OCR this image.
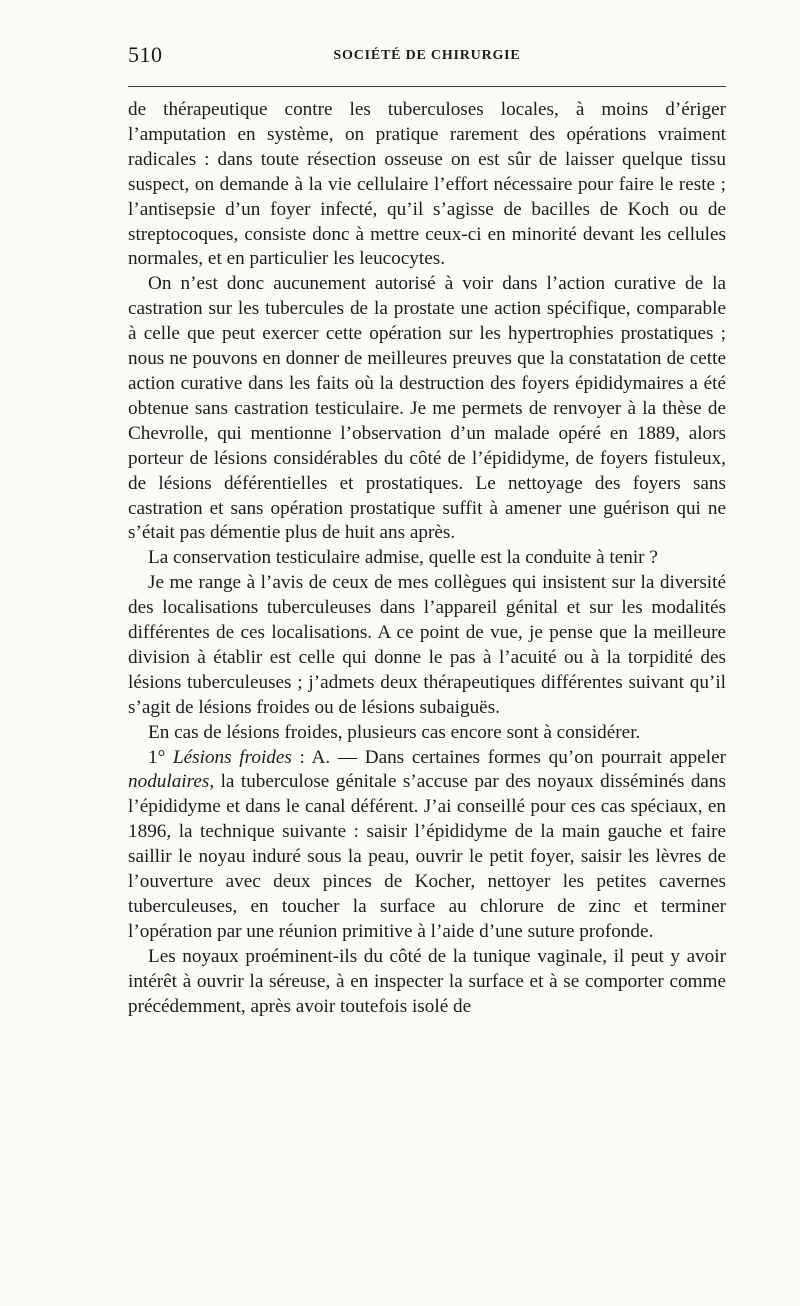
510	SOCIÉTÉ DE CHIRURGIE

de thérapeutique contre les tuberculoses locales, à moins d’ériger l’amputation en système, on pratique rarement des opérations vraiment radicales : dans toute résection osseuse on est sûr de laisser quelque tissu suspect, on demande à la vie cellulaire l’effort nécessaire pour faire le reste ; l’antisepsie d’un foyer infecté, qu’il s’agisse de bacilles de Koch ou de streptocoques, consiste donc à mettre ceux-ci en minorité devant les cellules normales, et en particulier les leucocytes.

On n’est donc aucunement autorisé à voir dans l’action curative de la castration sur les tubercules de la prostate une action spécifique, comparable à celle que peut exercer cette opération sur les hypertrophies prostatiques ; nous ne pouvons en donner de meilleures preuves que la constatation de cette action curative dans les faits où la destruction des foyers épididymaires a été obtenue sans castration testiculaire. Je me permets de renvoyer à la thèse de Chevrolle, qui mentionne l’observation d’un malade opéré en 1889, alors porteur de lésions considérables du côté de l’épididyme, de foyers fistuleux, de lésions déférentielles et prostatiques. Le nettoyage des foyers sans castration et sans opération prostatique suffit à amener une guérison qui ne s’était pas démentie plus de huit ans après.

La conservation testiculaire admise, quelle est la conduite à tenir ?

Je me range à l’avis de ceux de mes collègues qui insistent sur la diversité des localisations tuberculeuses dans l’appareil génital et sur les modalités différentes de ces localisations. A ce point de vue, je pense que la meilleure division à établir est celle qui donne le pas à l’acuité ou à la torpidité des lésions tuberculeuses ; j’admets deux thérapeutiques différentes suivant qu’il s’agit de lésions froides ou de lésions subaiguës.

En cas de lésions froides, plusieurs cas encore sont à considérer.

1° Lésions froides : A. — Dans certaines formes qu’on pourrait appeler nodulaires, la tuberculose génitale s’accuse par des noyaux disséminés dans l’épididyme et dans le canal déférent. J’ai conseillé pour ces cas spéciaux, en 1896, la technique suivante : saisir l’épididyme de la main gauche et faire saillir le noyau induré sous la peau, ouvrir le petit foyer, saisir les lèvres de l’ouverture avec deux pinces de Kocher, nettoyer les petites cavernes tuberculeuses, en toucher la surface au chlorure de zinc et terminer l’opération par une réunion primitive à l’aide d’une suture profonde.

Les noyaux proéminent-ils du côté de la tunique vaginale, il peut y avoir intérêt à ouvrir la séreuse, à en inspecter la surface et à se comporter comme précédemment, après avoir toutefois isolé de
